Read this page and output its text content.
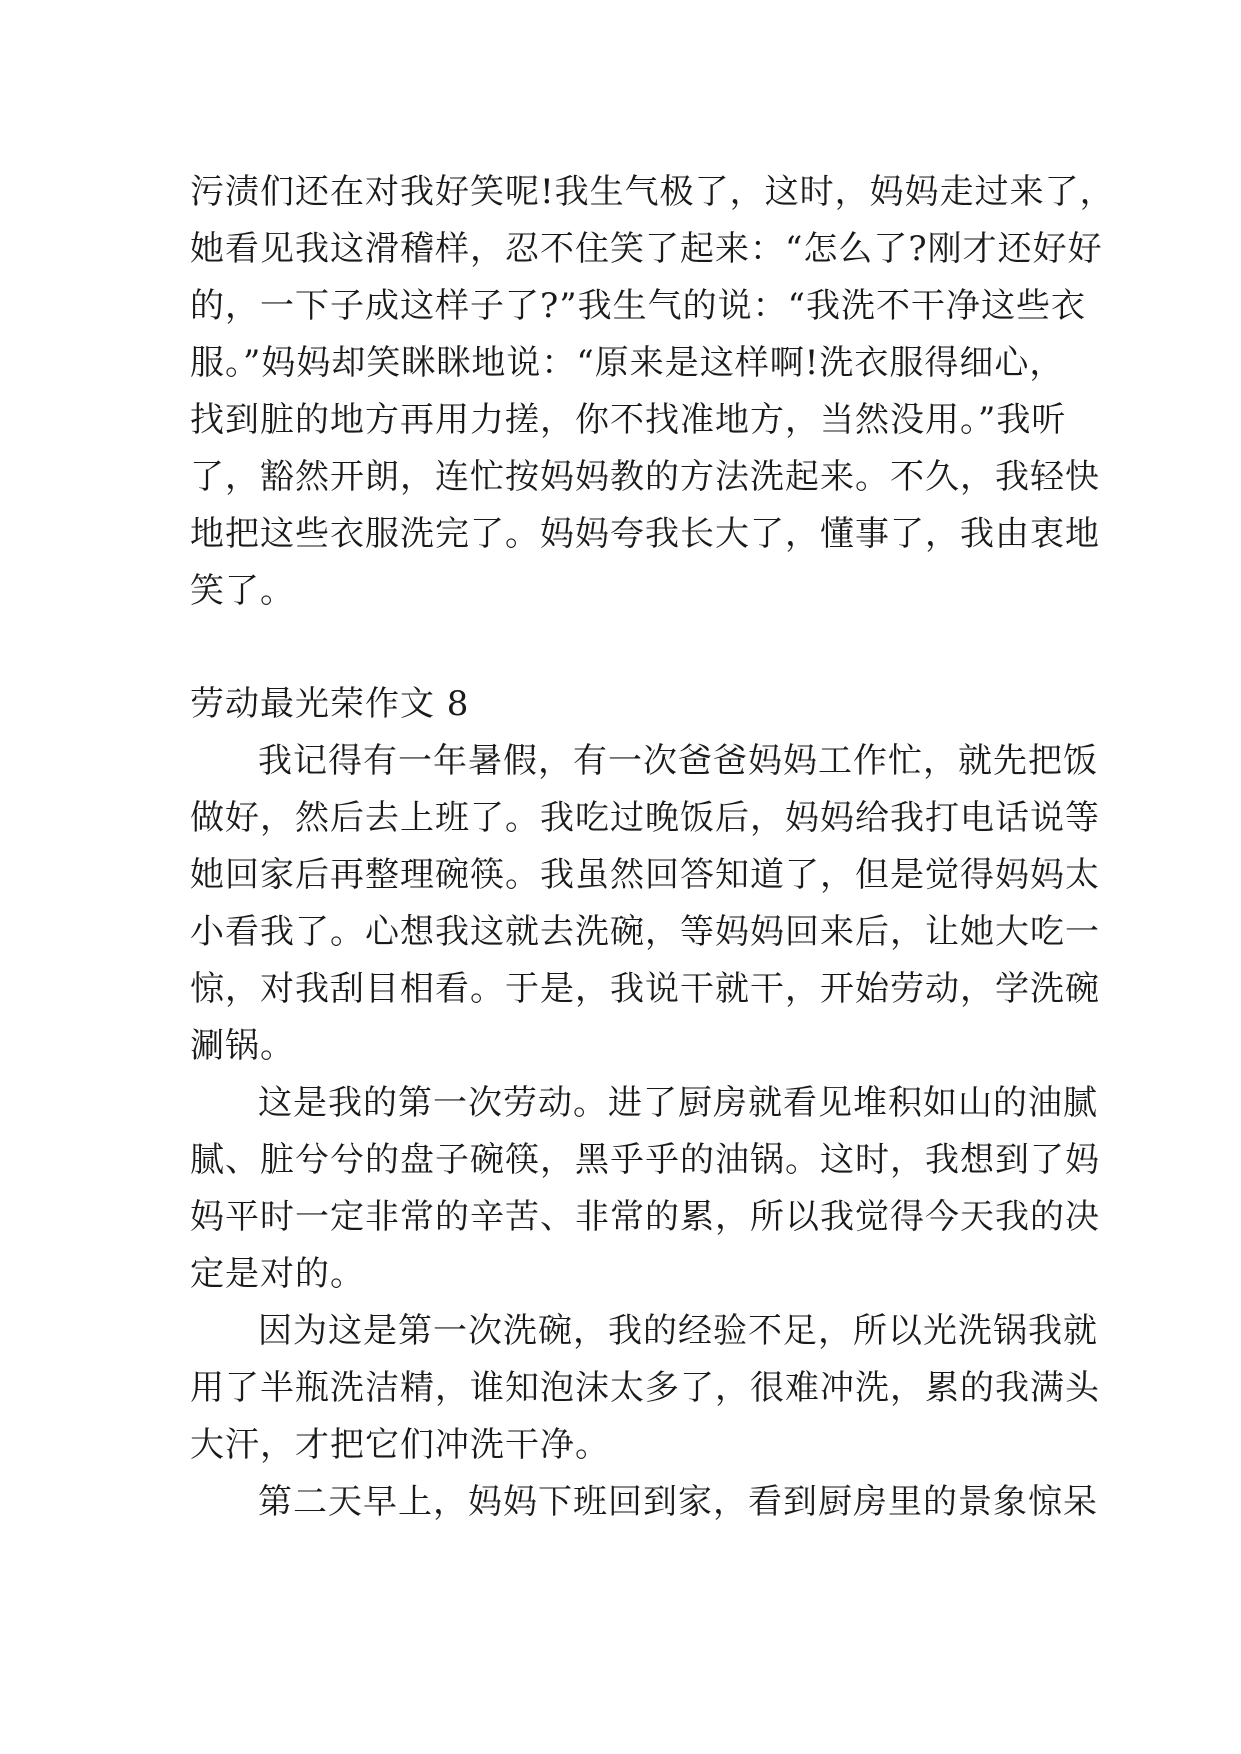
污渍们还在对我好笑呢!我生气极了，这时，妈妈走过来了，
她看见我这滑稽样，忍不住笑了起来：“怎么了?刚才还好好
的，一下子成这样子了?”我生气的说：“我洗不干净这些衣
服。”妈妈却笑眯眯地说：“原来是这样啊!洗衣服得细心，
找到脏的地方再用力搓，你不找准地方，当然没用。”我听
了，豁然开朗，连忙按妈妈教的方法洗起来。不久，我轻快
地把这些衣服洗完了。妈妈夸我长大了，懂事了，我由衷地
笑了。
劳动最光荣作文 8
我记得有一年暑假，有一次爸爸妈妈工作忙，就先把饭
做好，然后去上班了。我吃过晚饭后，妈妈给我打电话说等
她回家后再整理碗筷。我虽然回答知道了，但是觉得妈妈太
小看我了。心想我这就去洗碗，等妈妈回来后，让她大吃一
惊，对我刮目相看。于是，我说干就干，开始劳动，学洗碗
涮锅。
这是我的第一次劳动。进了厨房就看见堆积如山的油腻
腻、脏兮兮的盘子碗筷，黑乎乎的油锅。这时，我想到了妈
妈平时一定非常的辛苦、非常的累，所以我觉得今天我的决
定是对的。
因为这是第一次洗碗，我的经验不足，所以光洗锅我就
用了半瓶洗洁精，谁知泡沫太多了，很难冲洗，累的我满头
大汗，才把它们冲洗干净。
第二天早上，妈妈下班回到家，看到厨房里的景象惊呆
